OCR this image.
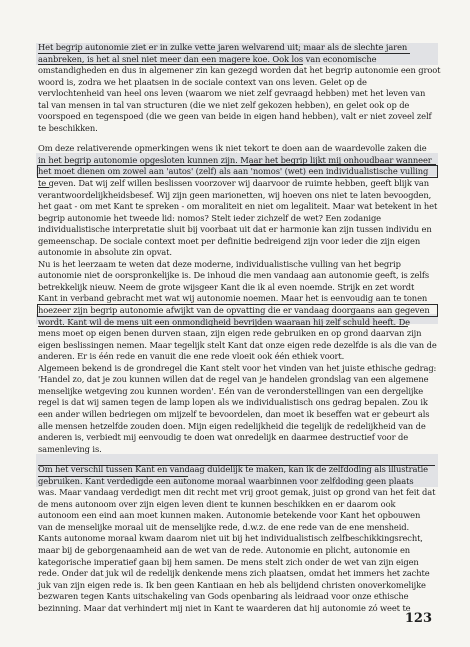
Het begrip autonomie ziet er in zulke vette jaren welvarend uit; maar als de slechte jaren
aanbreken, is het al snel niet meer dan een magere koe. Ook los van economische
omstandigheden en dus in algemener zin kan gezegd worden dat het begrip autonomie een groot
woord is, zodra we het plaatsen in de sociale context van ons leven. Gelet op de
vervlochtenheid van heel ons leven (waarom we niet zelf gevraagd hebben) met het leven van
tal van mensen in tal van structuren (die we niet zelf gekozen hebben), en gelet ook op de
voorspoed en tegenspoed (die we geen van beide in eigen hand hebben), valt er niet zoveel zelf
te beschikken.
Om deze relativerende opmerkingen wens ik niet tekort te doen aan de waardevolle zaken die
in het begrip autonomie opgesloten kunnen zijn. Maar het begrip lijkt mij onhoudbaar wanneer
het moet dienen om zowel aan 'autos' (zelf) als aan 'nomos' (wet) een individualistische vulling
te geven. Dat wij zelf willen beslissen voorzover wij daarvoor de ruimte hebben, geeft blijk van
verantwoordelijkheidsbesef. Wij zijn geen marionetten, wij hoeven ons niet te laten bevoogden,
het gaat - om met Kant te spreken - om moraliteit en niet om legaliteit. Maar wat betekent in het
begrip autonomie het tweede lid: nomos? Stelt ieder zichzelf de wet? Een zodanige
individualistische interpretatie sluit bij voorbaat uit dat er harmonie kan zijn tussen individu en
gemeenschap. De sociale context moet per definitie bedreigend zijn voor ieder die zijn eigen
autonomie in absolute zin opvat.
Nu is het leerzaam te weten dat deze moderne, individualistische vulling van het begrip
autonomie niet de oorspronkelijke is. De inhoud die men vandaag aan autonomie geeft, is zelfs
betrekkelijk nieuw. Neem de grote wijsgeer Kant die ik al even noemde. Strijk en zet wordt
Kant in verband gebracht met wat wij autonomie noemen. Maar het is eenvoudig aan te tonen
hoezeer zijn begrip autonomie afwijkt van de opvatting die er vandaag doorgaans aan gegeven
wordt. Kant wil de mens uit een onmondigheid bevrijden waaraan hij zelf schuld heeft. De
mens moet op eigen benen durven staan, zijn eigen rede gebruiken en op grond daarvan zijn
eigen beslissingen nemen. Maar tegelijk stelt Kant dat onze eigen rede dezelfde is als die van de
anderen. Er is één rede en vanuit die ene rede vloeit ook één ethiek voort.
Algemeen bekend is de grondregel die Kant stelt voor het vinden van het juiste ethische gedrag:
'Handel zo, dat je zou kunnen willen dat de regel van je handelen grondslag van een algemene
menselijke wetgeving zou kunnen worden'. Eén van de veronderstellingen van een dergelijke
regel is dat wij samen tegen de lamp lopen als we individualistisch ons gedrag bepalen. Zou ik
een ander willen bedriegen om mijzelf te bevoordelen, dan moet ik beseffen wat er gebeurt als
alle mensen hetzelfde zouden doen. Mijn eigen redelijkheid die tegelijk de redelijkheid van de
anderen is, verbiedt mij eenvoudig te doen wat onredelijk en daarmee destructief voor de
samenleving is.
Om het verschil tussen Kant en vandaag duidelijk te maken, kan ik de zelfdoding als illustratie
gebruiken. Kant verdedigde een autonome moraal waarbinnen voor zelfdoding geen plaats
was. Maar vandaag verdedigt men dit recht met vrij groot gemak, juist op grond van het feit dat
de mens autonoom over zijn eigen leven dient te kunnen beschikken en er daarom ook
autonoom een eind aan moet kunnen maken. Autonomie betekende voor Kant het opbouwen
van de menselijke moraal uit de menselijke rede, d.w.z. de ene rede van de ene mensheid.
Kants autonome moraal kwam daarom niet uit bij het individualistisch zelfbeschikkingsrecht,
maar bij de geborgenaamheid aan de wet van de rede. Autonomie en plicht, autonomie en
kategorische imperatief gaan bij hem samen. De mens stelt zich onder de wet van zijn eigen
rede. Onder dat juk wil de redelijk denkende mens zich plaatsen, omdat het immers het zachte
juk van zijn eigen rede is. Ik ben geen Kantiaan en heb als belijdend christen onoverkomelijke
bezwaren tegen Kants uitschakeling van Gods openbaring als leidraad voor onze ethische
bezinning. Maar dat verhindert mij niet in Kant te waarderen dat hij autonomie zó weet te
123
